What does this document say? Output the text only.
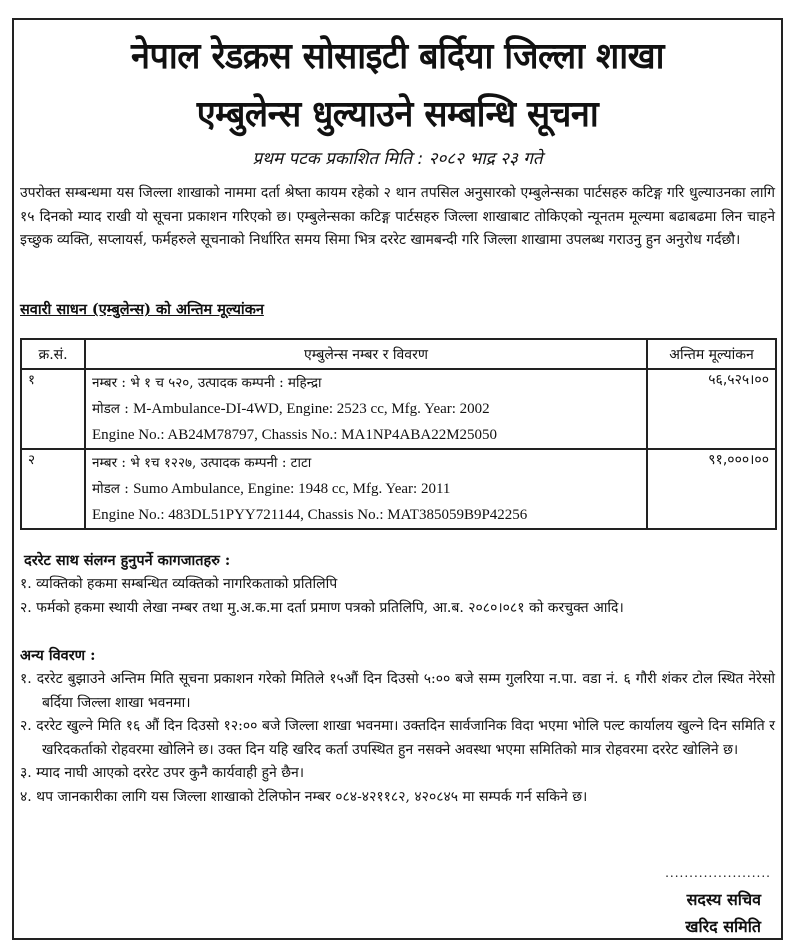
नेपाल रेडक्रस सोसाइटी बर्दिया जिल्ला शाखा
एम्बुलेन्स धुल्याउने सम्बन्धि सूचना
प्रथम पटक प्रकाशित मिति : २०८२ भाद्र २३ गते
उपरोक्त सम्बन्धमा यस जिल्ला शाखाको नाममा दर्ता श्रेष्ता कायम रहेको २ थान तपसिल अनुसारको एम्बुलेन्सका पार्टसहरु कटिङ्ग गरि धुल्याउनका लागि १५ दिनको म्याद राखी यो सूचना प्रकाशन गरिएको छ। एम्बुलेन्सका कटिङ्ग पार्टसहरु जिल्ला शाखाबाट तोकिएको न्यूनतम मूल्यमा बढाबढमा लिन चाहने इच्छुक व्यक्ति, सप्लायर्स, फर्महरुले सूचनाको निर्धारित समय सिमा भित्र दररेट खामबन्दी गरि जिल्ला शाखामा उपलब्ध गराउनु हुन अनुरोध गर्दछौ।
सवारी साधन (एम्बुलेन्स) को अन्तिम मूल्यांकन
क्र.सं.	एम्बुलेन्स नम्बर र विवरण	अन्तिम मूल्यांकन
१	नम्बर : भे १ च ५२०, उत्पादक कम्पनी : महिन्द्रा
मोडल : M-Ambulance-DI-4WD, Engine: 2523 cc, Mfg. Year: 2002
Engine No.: AB24M78797, Chassis No.: MA1NP4ABA22M25050	५६,५२५।००
२	नम्बर : भे १च १२२७, उत्पादक कम्पनी : टाटा
मोडल : Sumo Ambulance, Engine: 1948 cc, Mfg. Year: 2011
Engine No.: 483DL51PYY721144, Chassis No.: MAT385059B9P42256	९१,०००।००
दररेट साथ संलग्न हुनुपर्ने कागजातहरु :
१. व्यक्तिको हकमा सम्बन्धित व्यक्तिको नागरिकताको प्रतिलिपि
२. फर्मको हकमा स्थायी लेखा नम्बर तथा मु.अ.क.मा दर्ता प्रमाण पत्रको प्रतिलिपि, आ.ब. २०८०।०८१ को करचुक्त आदि।
अन्य विवरण :
१. दररेट बुझाउने अन्तिम मिति सूचना प्रकाशन गरेको मितिले १५औं दिन दिउसो ५:०० बजे सम्म गुलरिया न.पा. वडा नं. ६ गौरी शंकर टोल स्थित नेरेसो बर्दिया जिल्ला शाखा भवनमा।
२. दररेट खुल्ने मिति १६ औं दिन दिउसो १२:०० बजे जिल्ला शाखा भवनमा। उक्तदिन सार्वजानिक विदा भएमा भोलि पल्ट कार्यालय खुल्ने दिन समिति र खरिदकर्ताको रोहवरमा खोलिने छ। उक्त दिन यहि खरिद कर्ता उपस्थित हुन नसक्ने अवस्था भएमा समितिको मात्र रोहवरमा दररेट खोलिने छ।
३. म्याद नाघी आएको दररेट उपर कुनै कार्यवाही हुने छैन।
४. थप जानकारीका लागि यस जिल्ला शाखाको टेलिफोन नम्बर ०८४-४२११८२, ४२०८४५ मा सम्पर्क गर्न सकिने छ।
......................
सदस्य सचिव
खरिद समिति
